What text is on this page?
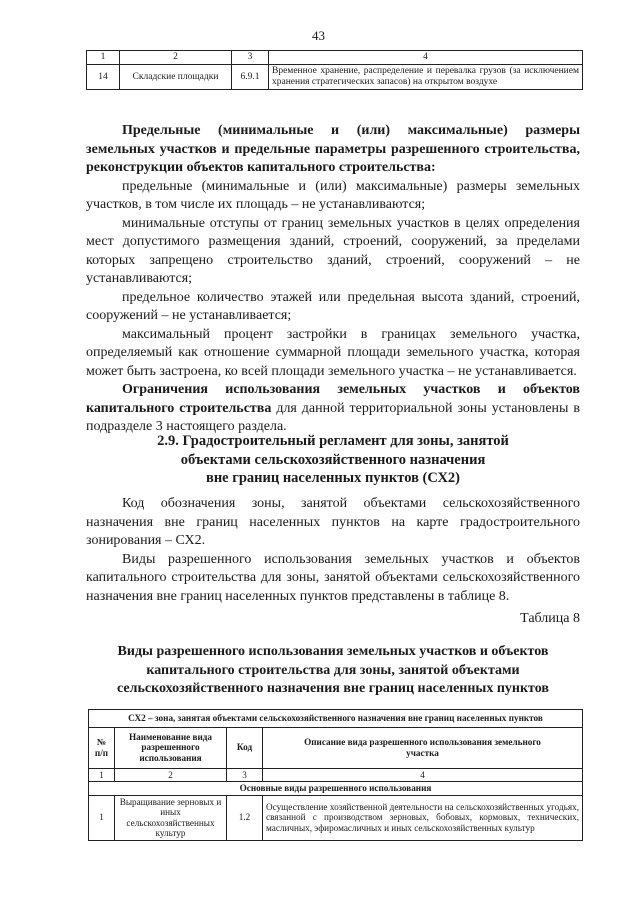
43
1	2	3	4
14	Складские площадки	6.9.1	Временное хранение, распределение и перевалка грузов (за исключением хранения стратегических запасов) на открытом воздухе
Предельные (минимальные и (или) максимальные) размеры земельных участков и предельные параметры разрешенного строительства, реконструкции объектов капитального строительства:
предельные (минимальные и (или) максимальные) размеры земельных участков, в том числе их площадь – не устанавливаются;
минимальные отступы от границ земельных участков в целях определения мест допустимого размещения зданий, строений, сооружений, за пределами которых запрещено строительство зданий, строений, сооружений – не устанавливаются;
предельное количество этажей или предельная высота зданий, строений, сооружений – не устанавливается;
максимальный процент застройки в границах земельного участка, определяемый как отношение суммарной площади земельного участка, которая может быть застроена, ко всей площади земельного участка – не устанавливается.
Ограничения использования земельных участков и объектов капитального строительства для данной территориальной зоны установлены в подразделе 3 настоящего раздела.
2.9. Градостроительный регламент для зоны, занятой
объектами сельскохозяйственного назначения
вне границ населенных пунктов (СХ2)
Код обозначения зоны, занятой объектами сельскохозяйственного назначения вне границ населенных пунктов на карте градостроительного зонирования – СХ2.
Виды разрешенного использования земельных участков и объектов капитального строительства для зоны, занятой объектами сельскохозяйственного назначения вне границ населенных пунктов представлены в таблице 8.
Таблица 8
Виды разрешенного использования земельных участков и объектов
капитального строительства для зоны, занятой объектами
сельскохозяйственного назначения вне границ населенных пунктов
СХ2 – зона, занятая объектами сельскохозяйственного назначения вне границ населенных пунктов			
№ п/п	Наименование вида разрешенного использования	Код	Описание вида разрешенного использования земельного участка
1	2	3	4
Основные виды разрешенного использования			
1	Выращивание зерновых и иных сельскохозяйственных культур	1.2	Осуществление хозяйственной деятельности на сельскохозяйственных угодьях, связанной с производством зерновых, бобовых, кормовых, технических, масличных, эфиромасличных и иных сельскохозяйственных культур
